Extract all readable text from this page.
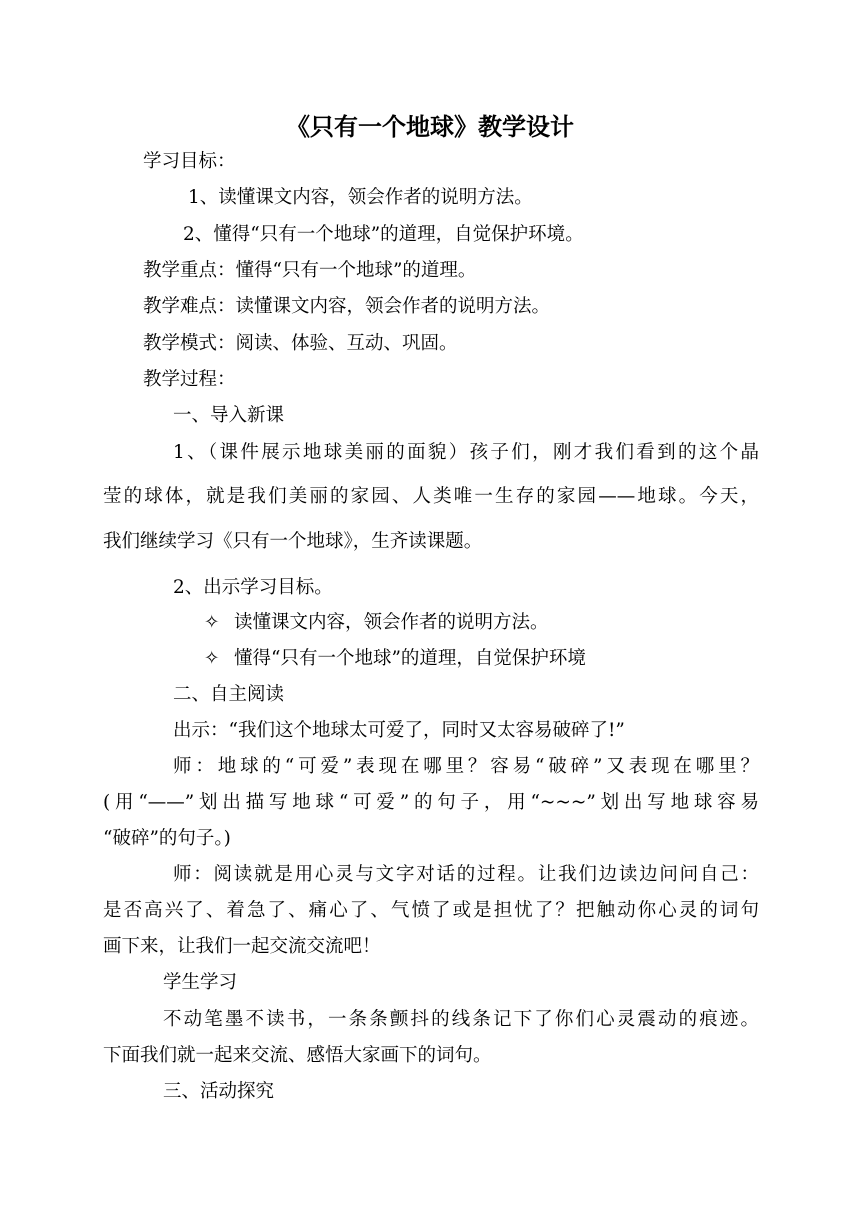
《只有一个地球》教学设计

学习目标：

1、读懂课文内容，领会作者的说明方法。

2、懂得“只有一个地球”的道理，自觉保护环境。

教学重点：懂得“只有一个地球”的道理。

教学难点：读懂课文内容，领会作者的说明方法。

教学模式：阅读、体验、互动、巩固。

教学过程：

一、导入新课

1、（课件展示地球美丽的面貌）孩子们，刚才我们看到的这个晶

莹的球体，就是我们美丽的家园、人类唯一生存的家园——地球。今天，

我们继续学习《只有一个地球》，生齐读课题。

2、出示学习目标。

✧ 读懂课文内容，领会作者的说明方法。

✧ 懂得“只有一个地球”的道理，自觉保护环境

二、自主阅读

出示：“我们这个地球太可爱了，同时又太容易破碎了!”

师：地球的“可爱”表现在哪里？容易“破碎”又表现在哪里？

(用“——”划出描写地球“可爱”的句子，用“~~~”划出写地球容易

“破碎”的句子。)

师：阅读就是用心灵与文字对话的过程。让我们边读边问问自己：

是否高兴了、着急了、痛心了、气愤了或是担忧了？把触动你心灵的词句

画下来，让我们一起交流交流吧！

学生学习

不动笔墨不读书，一条条颤抖的线条记下了你们心灵震动的痕迹。

下面我们就一起来交流、感悟大家画下的词句。

三、活动探究
